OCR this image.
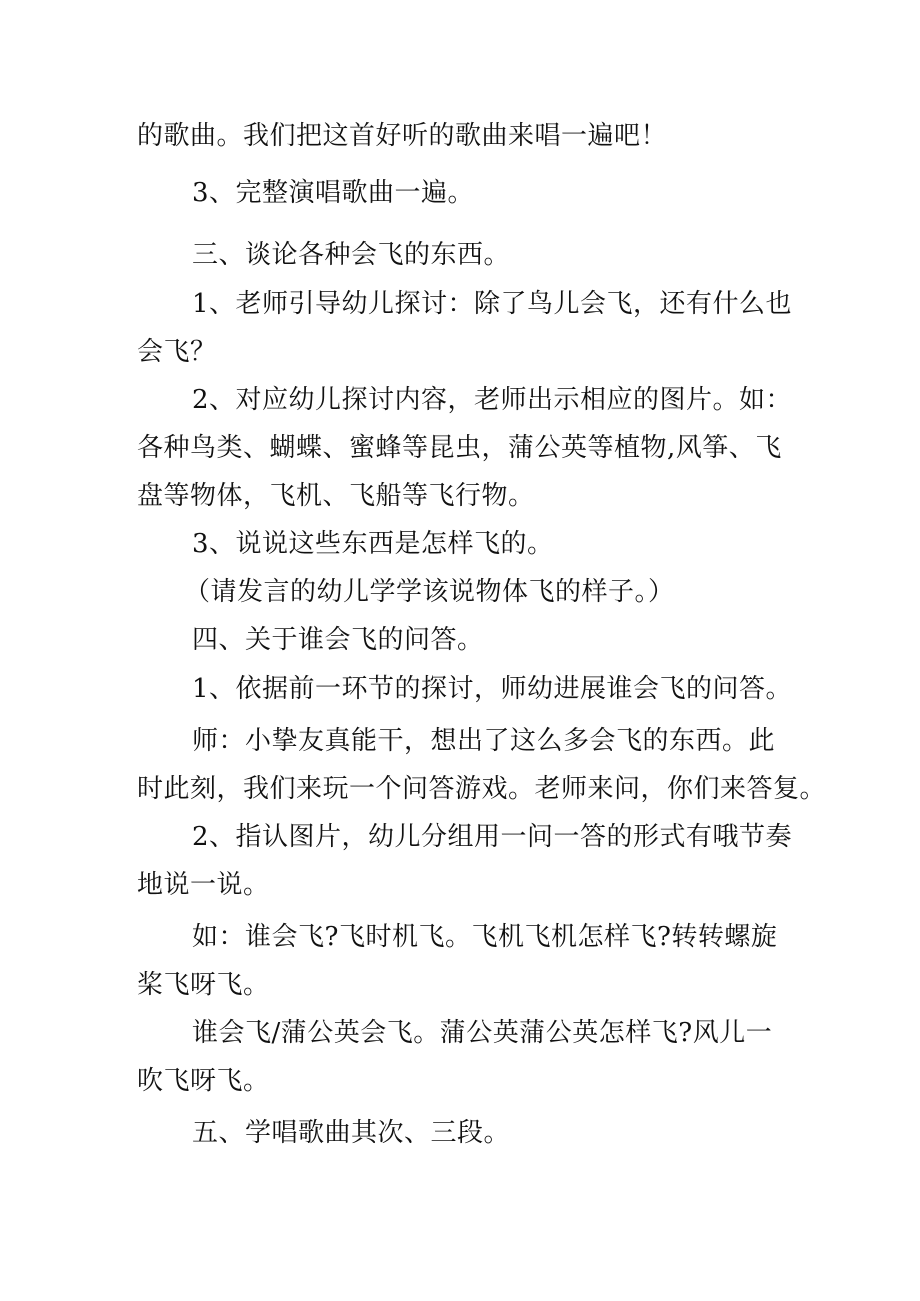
的歌曲。我们把这首好听的歌曲来唱一遍吧！
3、完整演唱歌曲一遍。
三、谈论各种会飞的东西。
1、老师引导幼儿探讨：除了鸟儿会飞，还有什么也
会飞？
2、对应幼儿探讨内容，老师出示相应的图片。如：
各种鸟类、蝴蝶、蜜蜂等昆虫，蒲公英等植物,风筝、飞
盘等物体，飞机、飞船等飞行物。
3、说说这些东西是怎样飞的。
（请发言的幼儿学学该说物体飞的样子。）
四、关于谁会飞的问答。
1、依据前一环节的探讨，师幼进展谁会飞的问答。
师：小挚友真能干，想出了这么多会飞的东西。此
时此刻，我们来玩一个问答游戏。老师来问，你们来答复。
2、指认图片，幼儿分组用一问一答的形式有哦节奏
地说一说。
如：谁会飞?飞时机飞。飞机飞机怎样飞?转转螺旋
桨飞呀飞。
谁会飞/蒲公英会飞。蒲公英蒲公英怎样飞?风儿一
吹飞呀飞。
五、学唱歌曲其次、三段。
